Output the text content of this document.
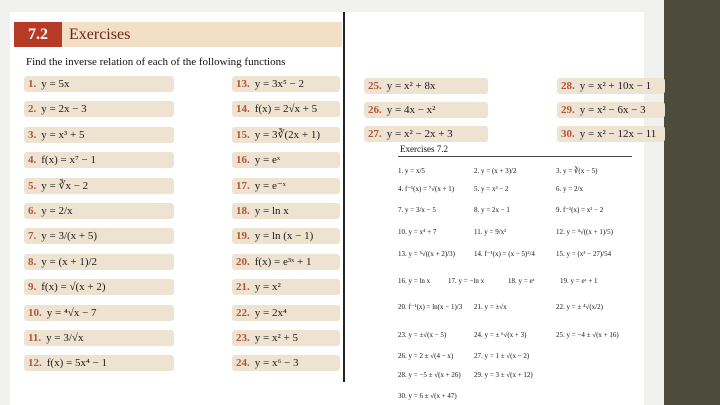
7.2	Exercises
Find the inverse relation of each of the following functions
1. y = 5x
2. y = 2x − 3
3. y = x³ + 5
4. f(x) = x⁷ − 1
5. y = ∛x − 2
6. y = 2/x
7. y = 3/(x + 5)
8. y = (x + 1)/2
9. f(x) = √(x + 2)
10. y = ⁴√x − 7
11. y = 3/√x
12. f(x) = 5x⁴ − 1
13. y = 3x⁵ − 2
14. f(x) = 2√x + 5
15. y = 3∛(2x + 1)
16. y = eˣ
17. y = e⁻ˣ
18. y = ln x
19. y = ln (x − 1)
20. f(x) = e³ˣ + 1
21. y = x²
22. y = 2x⁴
23. y = x² + 5
24. y = x⁶ − 3
25. y = x² + 8x
26. y = 4x − x²
27. y = x² − 2x + 3
28. y = x² + 10x − 1
29. y = x² − 6x − 3
30. y = x² − 12x − 11
Exercises 7.2
1. y = x/5	2. y = (x + 3)/2	3. y = ∛(x − 5)
4. f⁻¹(x) = ⁷√(x + 1)	5. y = x³ − 2	6. y = 2/x
7. y = 3/x − 5	8. y = 2x − 1	9. f⁻¹(x) = x² − 2
10. y = x⁴ + 7	11. y = 9/x²	12. y = ⁴√((x + 1)/5)
13. y = ⁵√((x + 2)/3)	14. f⁻¹(x) = (x − 5)²/4	15. y = (x³ − 27)/54
16. y = ln x	17. y = −ln x	18. y = eˣ	19. y = eˣ + 1
20. f⁻¹(x) = ln(x − 1)/3 21. y = ±√x	22. y = ± ⁴√(x/2)
23. y = ±√(x − 5)	24. y = ± ⁶√(x + 3)	25. y = −4 ± √(x + 16)
26. y = 2 ± √(4 − x)	27. y = 1 ± √(x − 2)
28. y = −5 ± √(x + 26) 29. y = 3 ± √(x + 12)
30. y = 6 ± √(x + 47)
